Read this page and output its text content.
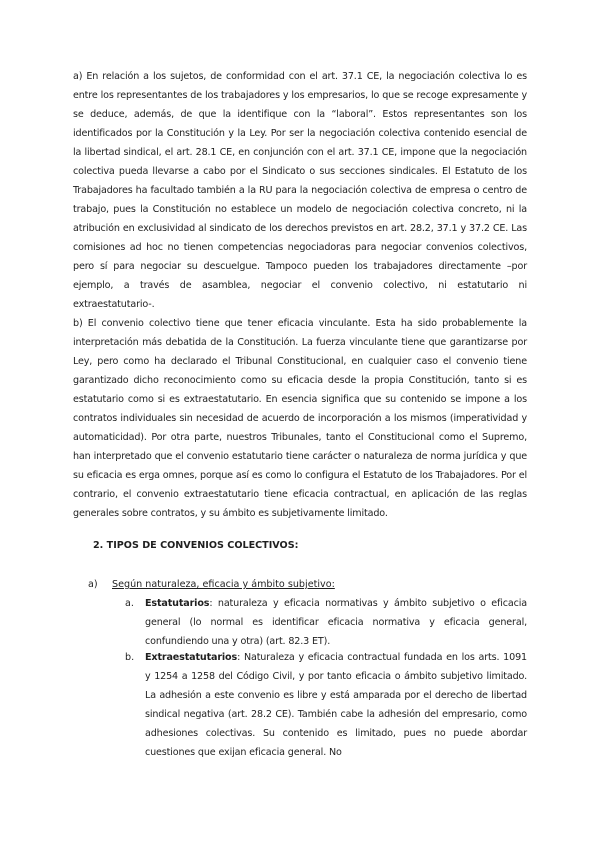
a) En relación a los sujetos, de conformidad con el art. 37.1 CE, la negociación colectiva lo es entre los representantes de los trabajadores y los empresarios, lo que se recoge expresamente y se deduce, además, de que la identifique con la “laboral”. Estos representantes son los identificados por la Constitución y la Ley. Por ser la negociación colectiva contenido esencial de la libertad sindical, el art. 28.1 CE, en conjunción con el art. 37.1 CE, impone que la negociación colectiva pueda llevarse a cabo por el Sindicato o sus secciones sindicales. El Estatuto de los Trabajadores ha facultado también a la RU para la negociación colectiva de empresa o centro de trabajo, pues la Constitución no establece un modelo de negociación colectiva concreto, ni la atribución en exclusividad al sindicato de los derechos previstos en art. 28.2, 37.1 y 37.2 CE. Las comisiones ad hoc no tienen competencias negociadoras para negociar convenios colectivos, pero sí para negociar su descuelgue. Tampoco pueden los trabajadores directamente –por ejemplo, a través de asamblea, negociar el convenio colectivo, ni estatutario ni extraestatutario-.

b) El convenio colectivo tiene que tener eficacia vinculante. Esta ha sido probablemente la interpretación más debatida de la Constitución. La fuerza vinculante tiene que garantizarse por Ley, pero como ha declarado el Tribunal Constitucional, en cualquier caso el convenio tiene garantizado dicho reconocimiento como su eficacia desde la propia Constitución, tanto si es estatutario como si es extraestatutario. En esencia significa que su contenido se impone a los contratos individuales sin necesidad de acuerdo de incorporación a los mismos (imperatividad y automaticidad). Por otra parte, nuestros Tribunales, tanto el Constitucional como el Supremo, han interpretado que el convenio estatutario tiene carácter o naturaleza de norma jurídica y que su eficacia es erga omnes, porque así es como lo configura el Estatuto de los Trabajadores. Por el contrario, el convenio extraestatutario tiene eficacia contractual, en aplicación de las reglas generales sobre contratos, y su ámbito es subjetivamente limitado.

2. TIPOS DE CONVENIOS COLECTIVOS:

a) Según naturaleza, eficacia y ámbito subjetivo:

a. Estatutarios: naturaleza y eficacia normativas y ámbito subjetivo o eficacia general (lo normal es identificar eficacia normativa y eficacia general, confundiendo una y otra) (art. 82.3 ET).

b. Extraestatutarios: Naturaleza y eficacia contractual fundada en los arts. 1091 y 1254 a 1258 del Código Civil, y por tanto eficacia o ámbito subjetivo limitado. La adhesión a este convenio es libre y está amparada por el derecho de libertad sindical negativa (art. 28.2 CE). También cabe la adhesión del empresario, como adhesiones colectivas. Su contenido es limitado, pues no puede abordar cuestiones que exijan eficacia general. No
